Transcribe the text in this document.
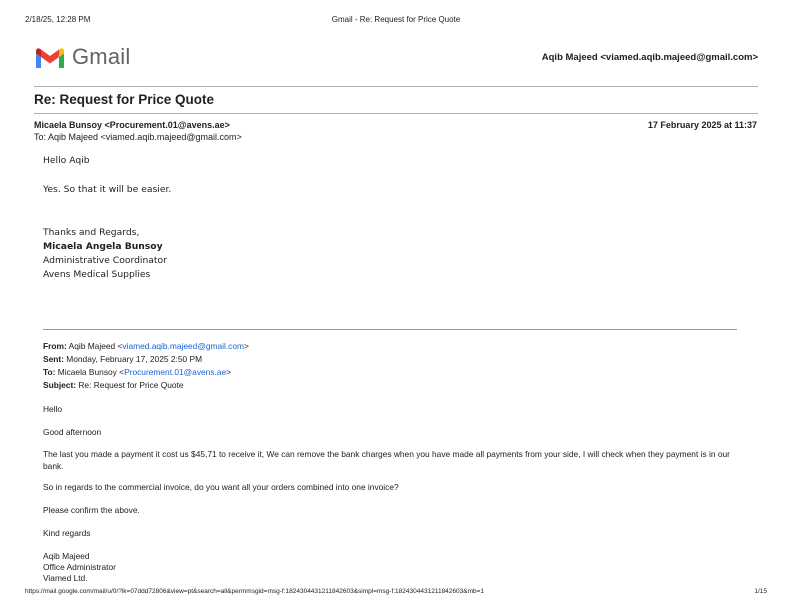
2/18/25, 12:28 PM	Gmail - Re: Request for Price Quote
Gmail	Aqib Majeed <viamed.aqib.majeed@gmail.com>
Re: Request for Price Quote
Micaela Bunsoy <Procurement.01@avens.ae>	17 February 2025 at 11:37
To: Aqib Majeed <viamed.aqib.majeed@gmail.com>
Hello Aqib
Yes. So that it will be easier.
Thanks and Regards,
Micaela Angela Bunsoy
Administrative Coordinator
Avens Medical Supplies
From: Aqib Majeed <viamed.aqib.majeed@gmail.com>
Sent: Monday, February 17, 2025 2:50 PM
To: Micaela Bunsoy <Procurement.01@avens.ae>
Subject: Re: Request for Price Quote
Hello
Good afternoon
The last you made a payment it cost us $45,71 to receive it, We can remove the bank charges when you have made all payments from your side, I will check when they payment is in our bank.
So in regards to the commercial invoice, do you want all your orders combined into one invoice?
Please confirm the above.
Kind regards
Aqib Majeed
Office Administrator
Viamed Ltd.
https://mail.google.com/mail/u/0/?ik=07ddd72806&view=pt&search=all&permmsgid=msg-f:1824304431211842603&simpl=msg-f:1824304431211842603&mb=1	1/15
